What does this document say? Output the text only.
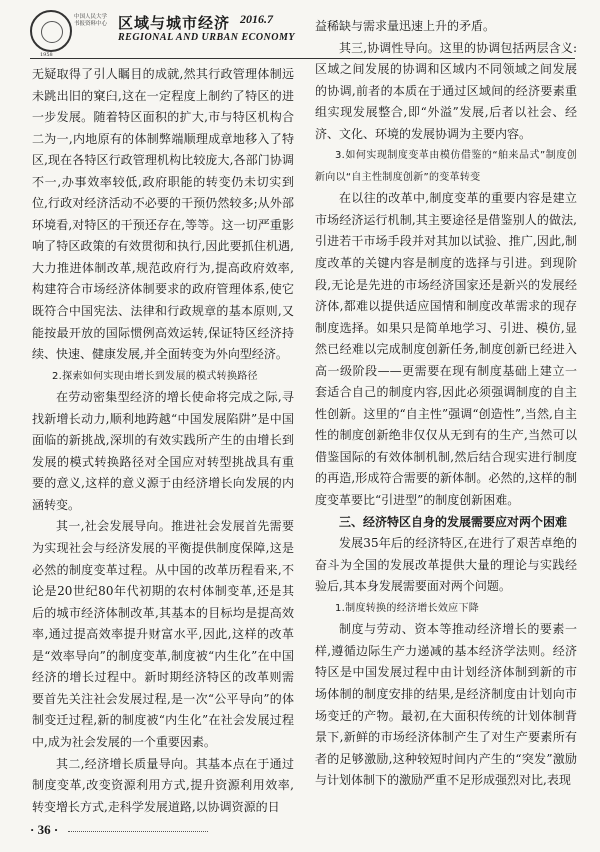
中国人民大学 书报资料中心
1958
区域与城市经济 2016.7
REGIONAL AND URBAN ECONOMY

无疑取得了引人瞩目的成就,然其行政管理体制远未跳出旧的窠臼,这在一定程度上制约了特区的进一步发展。随着特区面积的扩大,市与特区机构合二为一,内地原有的体制弊端顺理成章地移入了特区,现在各特区行政管理机构比较庞大,各部门协调不一,办事效率较低,政府职能的转变仍未切实到位,行政对经济活动不必要的干预仍然较多;从外部环境看,对特区的干预还存在,等等。这一切严重影响了特区政策的有效贯彻和执行,因此要抓住机遇,大力推进体制改革,规范政府行为,提高政府效率,构建符合市场经济体制要求的政府管理体系,使它既符合中国宪法、法律和行政规章的基本原则,又能按最开放的国际惯例高效运转,保证特区经济持续、快速、健康发展,并全面转变为外向型经济。

2.探索如何实现由增长到发展的模式转换路径

在劳动密集型经济的增长使命将完成之际,寻找新增长动力,顺利地跨越“中国发展陷阱”是中国面临的新挑战,深圳的有效实践所产生的由增长到发展的模式转换路径对全国应对转型挑战具有重要的意义,这样的意义源于由经济增长向发展的内涵转变。

其一,社会发展导向。推进社会发展首先需要为实现社会与经济发展的平衡提供制度保障,这是必然的制度变革过程。从中国的改革历程看来,不论是20世纪80年代初期的农村体制变革,还是其后的城市经济体制改革,其基本的目标均是提高效率,通过提高效率提升财富水平,因此,这样的改革是“效率导向”的制度变革,制度被“内生化”在中国经济的增长过程中。新时期经济特区的改革则需要首先关注社会发展过程,是一次“公平导向”的体制变迁过程,新的制度被“内生化”在社会发展过程中,成为社会发展的一个重要因素。

其二,经济增长质量导向。其基本点在于通过制度变革,改变资源利用方式,提升资源利用效率,转变增长方式,走科学发展道路,以协调资源的日

益稀缺与需求量迅速上升的矛盾。

其三,协调性导向。这里的协调包括两层含义:区域之间发展的协调和区域内不同领域之间发展的协调,前者的本质在于通过区域间的经济要素重组实现发展整合,即“外溢”发展,后者以社会、经济、文化、环境的发展协调为主要内容。

3.如何实现制度变革由模仿借鉴的“舶来品式”制度创新向以“自主性制度创新”的变革转变

在以往的改革中,制度变革的重要内容是建立市场经济运行机制,其主要途径是借鉴别人的做法,引进若干市场手段并对其加以试验、推广,因此,制度改革的关键内容是制度的选择与引进。到现阶段,无论是先进的市场经济国家还是新兴的发展经济体,都难以提供适应国情和制度改革需求的现存制度选择。如果只是简单地学习、引进、模仿,显然已经难以完成制度创新任务,制度创新已经进入高一级阶段——更需要在现有制度基础上建立一套适合自己的制度内容,因此必须强调制度的自主性创新。这里的“自主性”强调“创造性”,当然,自主性的制度创新绝非仅仅从无到有的生产,当然可以借鉴国际的有效体制机制,然后结合现实进行制度的再造,形成符合需要的新体制。必然的,这样的制度变革要比“引进型”的制度创新困难。

三、经济特区自身的发展需要应对两个困难

发展35年后的经济特区,在进行了艰苦卓绝的奋斗为全国的发展改革提供大量的理论与实践经验后,其本身发展需要面对两个问题。

1.制度转换的经济增长效应下降

制度与劳动、资本等推动经济增长的要素一样,遵循边际生产力递减的基本经济学法则。经济特区是中国发展过程中由计划经济体制到新的市场体制的制度安排的结果,是经济制度由计划向市场变迁的产物。最初,在大面积传统的计划体制背景下,新鲜的市场经济体制产生了对生产要素所有者的足够激励,这种较短时间内产生的“突发”激励与计划体制下的激励严重不足形成强烈对比,表现

· 36 ·
